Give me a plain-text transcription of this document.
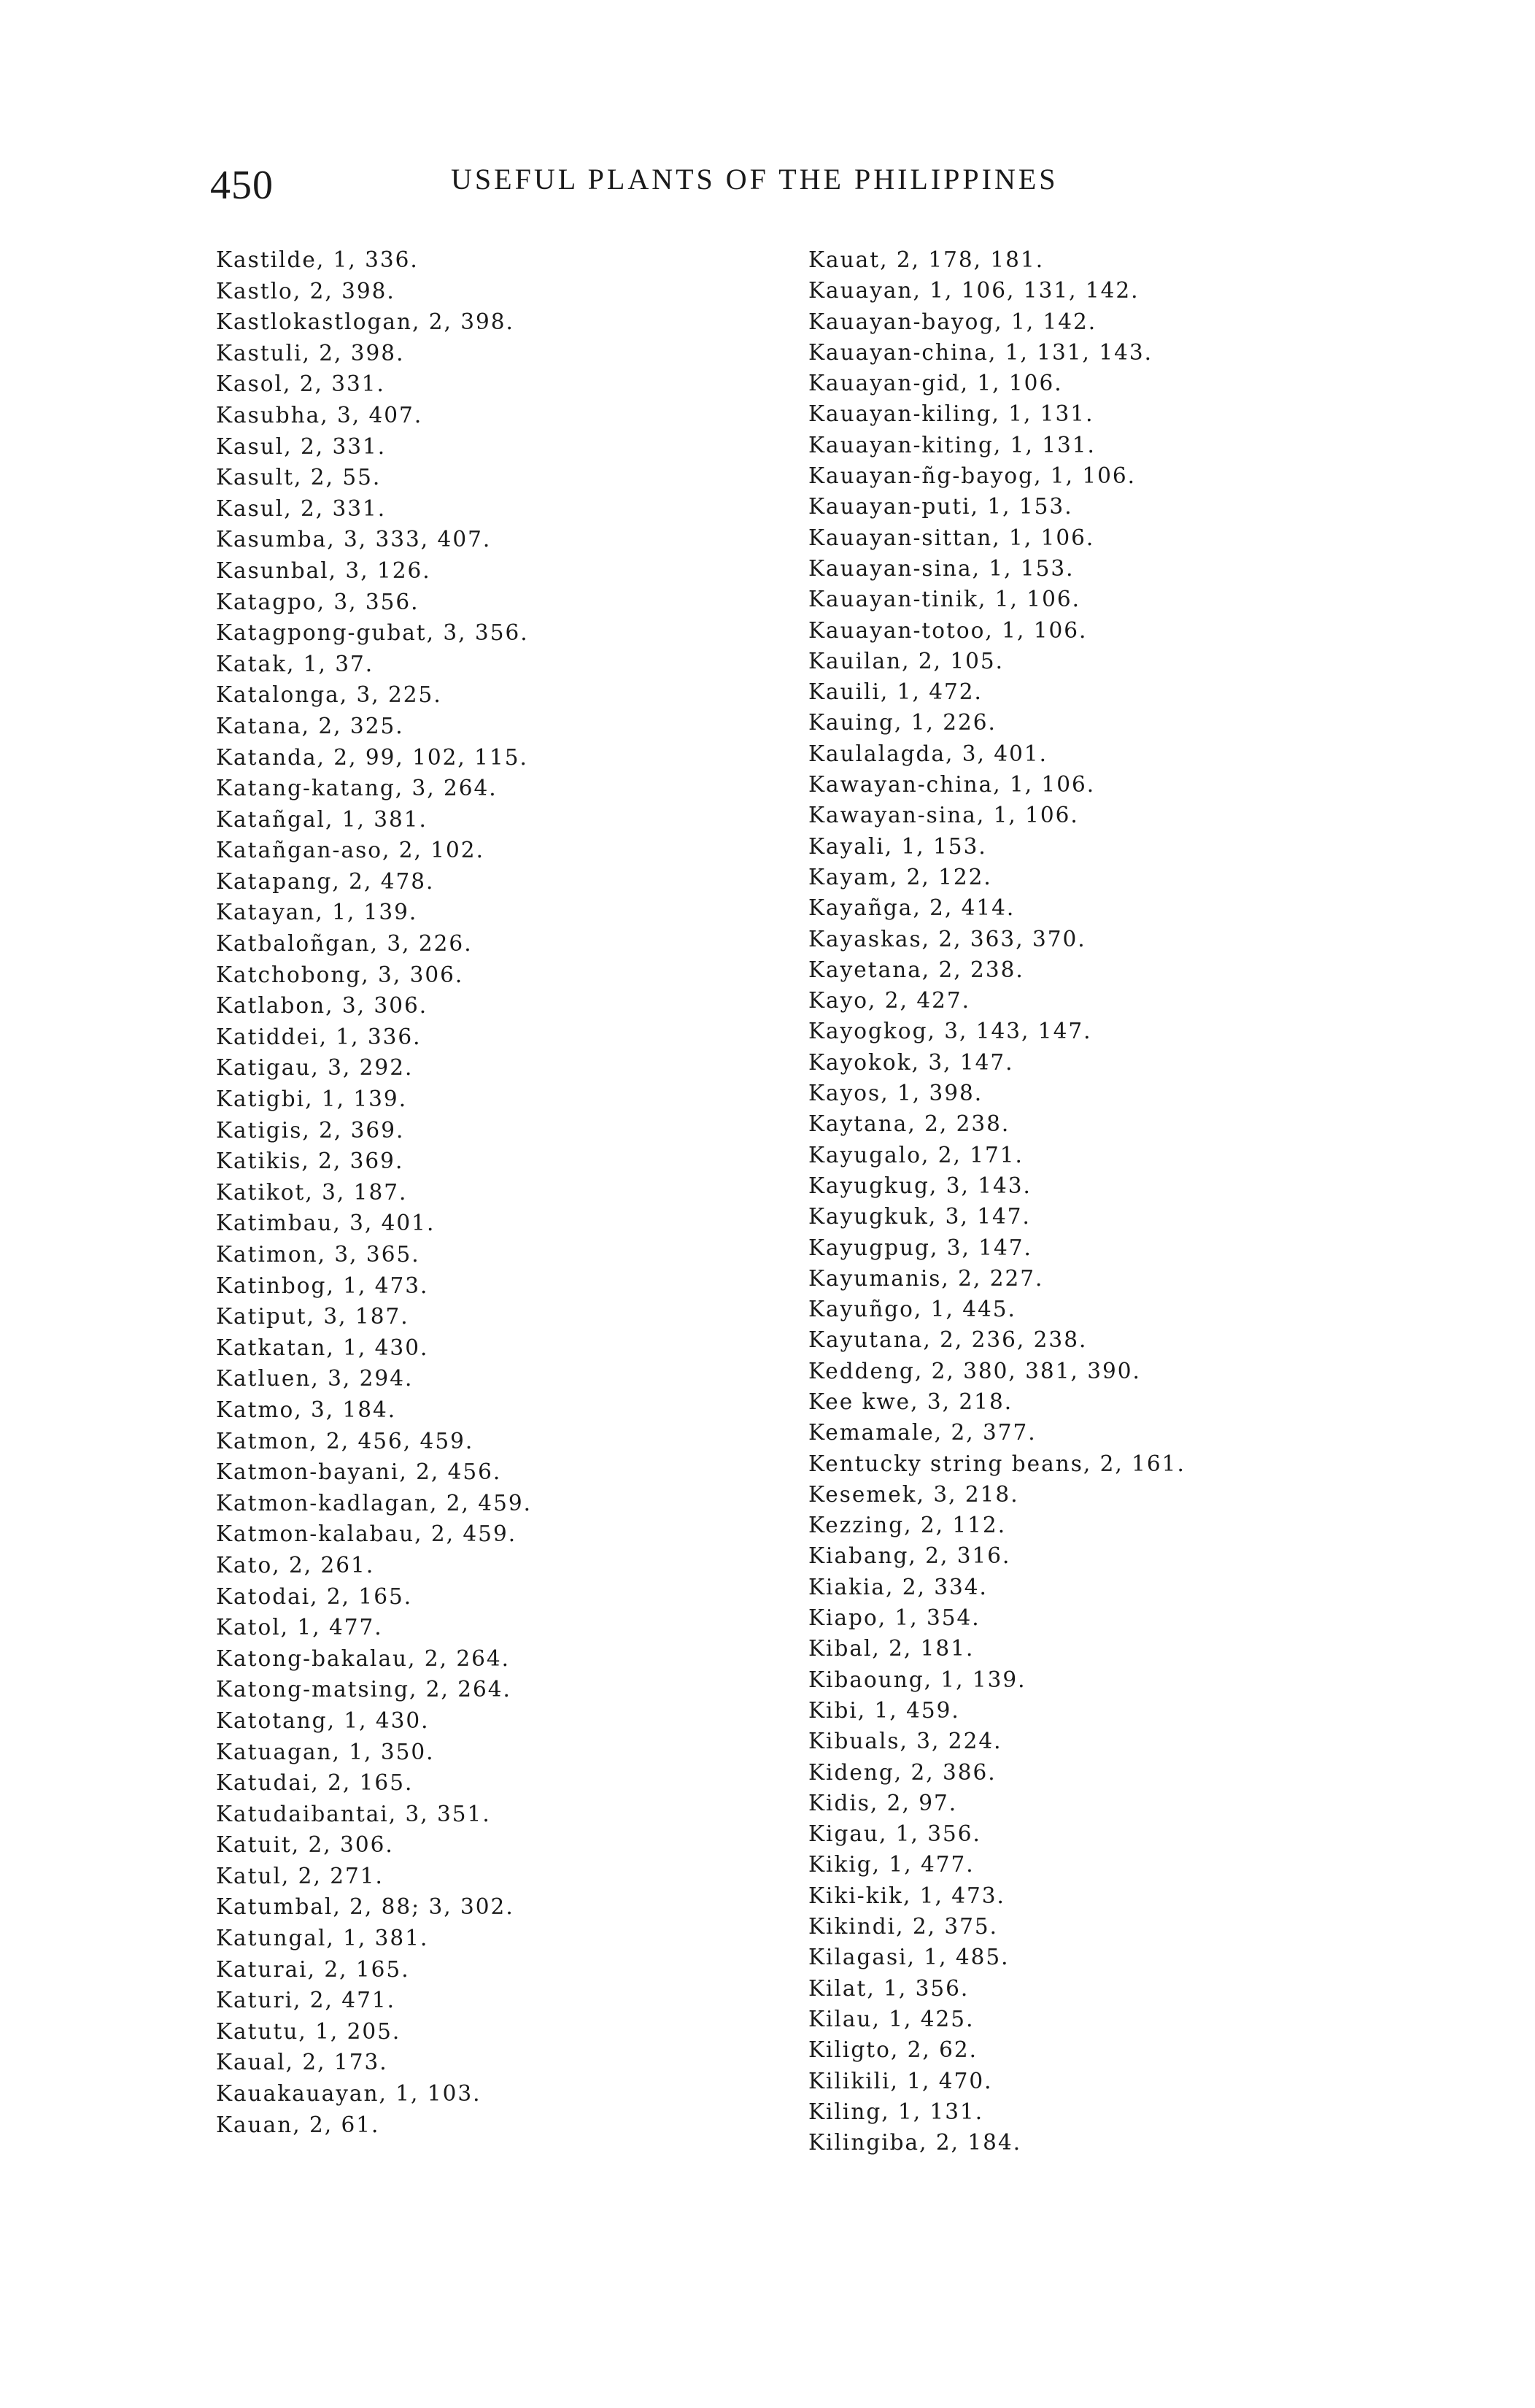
450	USEFUL PLANTS OF THE PHILIPPINES
Kastilde, 1, 336.
Kastlo, 2, 398.
Kastlokastlogan, 2, 398.
Kastuli, 2, 398.
Kasol, 2, 331.
Kasubha, 3, 407.
Kasul, 2, 331.
Kasult, 2, 55.
Kasul, 2, 331.
Kasumba, 3, 333, 407.
Kasunbal, 3, 126.
Katagpo, 3, 356.
Katagpong-gubat, 3, 356.
Katak, 1, 37.
Katalonga, 3, 225.
Katana, 2, 325.
Katanda, 2, 99, 102, 115.
Katang-katang, 3, 264.
Katañgal, 1, 381.
Katañgan-aso, 2, 102.
Katapang, 2, 478.
Katayan, 1, 139.
Katbaloñgan, 3, 226.
Katchobong, 3, 306.
Katlabon, 3, 306.
Katiddei, 1, 336.
Katigau, 3, 292.
Katigbi, 1, 139.
Katigis, 2, 369.
Katikis, 2, 369.
Katikot, 3, 187.
Katimbau, 3, 401.
Katimon, 3, 365.
Katinbog, 1, 473.
Katiput, 3, 187.
Katkatan, 1, 430.
Katluen, 3, 294.
Katmo, 3, 184.
Katmon, 2, 456, 459.
Katmon-bayani, 2, 456.
Katmon-kadlagan, 2, 459.
Katmon-kalabau, 2, 459.
Kato, 2, 261.
Katodai, 2, 165.
Katol, 1, 477.
Katong-bakalau, 2, 264.
Katong-matsing, 2, 264.
Katotang, 1, 430.
Katuagan, 1, 350.
Katudai, 2, 165.
Katudaibantai, 3, 351.
Katuit, 2, 306.
Katul, 2, 271.
Katumbal, 2, 88; 3, 302.
Katungal, 1, 381.
Katurai, 2, 165.
Katuri, 2, 471.
Katutu, 1, 205.
Kaual, 2, 173.
Kauakauayan, 1, 103.
Kauan, 2, 61.
Kauat, 2, 178, 181.
Kauayan, 1, 106, 131, 142.
Kauayan-bayog, 1, 142.
Kauayan-china, 1, 131, 143.
Kauayan-gid, 1, 106.
Kauayan-kiling, 1, 131.
Kauayan-kiting, 1, 131.
Kauayan-ñg-bayog, 1, 106.
Kauayan-puti, 1, 153.
Kauayan-sittan, 1, 106.
Kauayan-sina, 1, 153.
Kauayan-tinik, 1, 106.
Kauayan-totoo, 1, 106.
Kauilan, 2, 105.
Kauili, 1, 472.
Kauing, 1, 226.
Kaulalagda, 3, 401.
Kawayan-china, 1, 106.
Kawayan-sina, 1, 106.
Kayali, 1, 153.
Kayam, 2, 122.
Kayañga, 2, 414.
Kayaskas, 2, 363, 370.
Kayetana, 2, 238.
Kayo, 2, 427.
Kayogkog, 3, 143, 147.
Kayokok, 3, 147.
Kayos, 1, 398.
Kaytana, 2, 238.
Kayugalo, 2, 171.
Kayugkug, 3, 143.
Kayugkuk, 3, 147.
Kayugpug, 3, 147.
Kayumanis, 2, 227.
Kayuñgo, 1, 445.
Kayutana, 2, 236, 238.
Keddeng, 2, 380, 381, 390.
Kee kwe, 3, 218.
Kemamale, 2, 377.
Kentucky string beans, 2, 161.
Kesemek, 3, 218.
Kezzing, 2, 112.
Kiabang, 2, 316.
Kiakia, 2, 334.
Kiapo, 1, 354.
Kibal, 2, 181.
Kibaoung, 1, 139.
Kibi, 1, 459.
Kibuals, 3, 224.
Kideng, 2, 386.
Kidis, 2, 97.
Kigau, 1, 356.
Kikig, 1, 477.
Kiki-kik, 1, 473.
Kikindi, 2, 375.
Kilagasi, 1, 485.
Kilat, 1, 356.
Kilau, 1, 425.
Kiligto, 2, 62.
Kilikili, 1, 470.
Kiling, 1, 131.
Kilingiba, 2, 184.
